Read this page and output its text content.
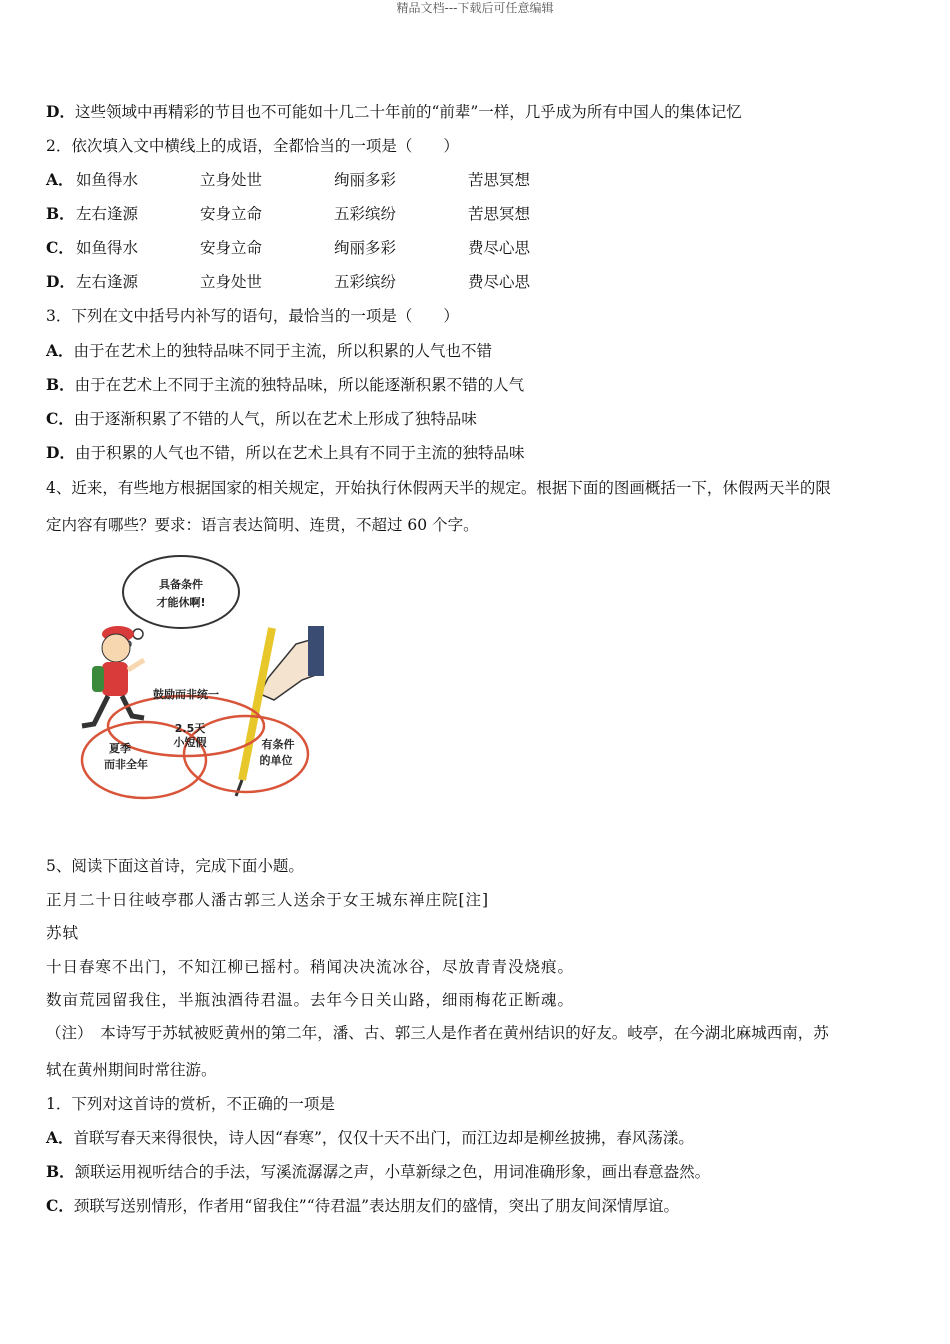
精品文档---下载后可任意编辑
D．这些领域中再精彩的节目也不可能如十几二十年前的“前辈”一样，几乎成为所有中国人的集体记忆
2．依次填入文中横线上的成语，全都恰当的一项是（　　）
A． 如鱼得水	立身处世	绚丽多彩	苦思冥想
B．左右逢源	安身立命	五彩缤纷	苦思冥想
C． 如鱼得水	安身立命	绚丽多彩	费尽心思
D．左右逢源	立身处世	五彩缤纷	费尽心思
3．下列在文中括号内补写的语句，最恰当的一项是（　　）
A．由于在艺术上的独特品味不同于主流，所以积累的人气也不错
B．由于在艺术上不同于主流的独特品味，所以能逐渐积累不错的人气
C．由于逐渐积累了不错的人气，所以在艺术上形成了独特品味
D．由于积累的人气也不错，所以在艺术上具有不同于主流的独特品味
4、近来，有些地方根据国家的相关规定，开始执行休假两天半的规定。根据下面的图画概括一下，休假两天半的限
定内容有哪些？要求：语言表达简明、连贯，不超过 60 个字。
具备条件
才能休啊!
鼓励而非统一
2.5天
小短假
夏季
而非全年
有条件
的单位
5、阅读下面这首诗，完成下面小题。
正月二十日往岐亭郡人潘古郭三人送余于女王城东禅庄院[注]
苏轼
十日春寒不出门，不知江柳已摇村。稍闻决决流冰谷，尽放青青没烧痕。
数亩荒园留我住，半瓶浊酒待君温。去年今日关山路，细雨梅花正断魂。
（注）　本诗写于苏轼被贬黄州的第二年，潘、古、郭三人是作者在黄州结识的好友。岐亭，在今湖北麻城西南，苏
轼在黄州期间时常往游。
1．下列对这首诗的赏析，不正确的一项是
A．首联写春天来得很快，诗人因“春寒”，仅仅十天不出门，而江边却是柳丝披拂，春风荡漾。
B．颔联运用视听结合的手法，写溪流潺潺之声，小草新绿之色，用词准确形象，画出春意盎然。
C．颈联写送别情形，作者用“留我住”“待君温”表达朋友们的盛情，突出了朋友间深情厚谊。
